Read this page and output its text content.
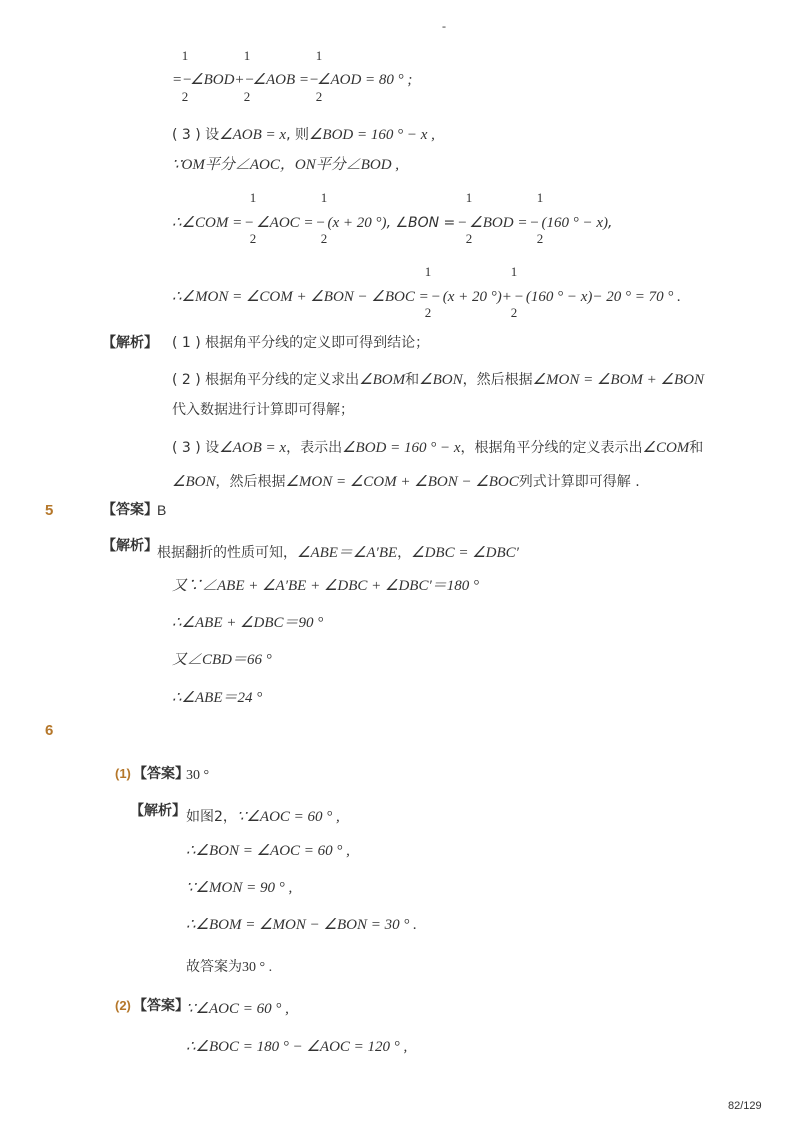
-
1
2
1
2
1
2
= −
∠BOD+ −
∠AOB = −
∠AOD = 80 ° ;
( 3 ) 设 ∠AOB = x , 则 ∠BOD = 160 ° − x ,
∵OM平分∠AOC，ON平分∠BOD ,
1
2
1
2
1
2
1
2
∴∠COM = − ∠AOC = − (x + 20 °) , ∠BON = − ∠BOD = − (160 ° − x) ,
1
2
1
2
∴∠MON = ∠COM + ∠BON − ∠BOC = − (x + 20 °) + − (160 ° − x) − 20 ° = 70 ° .
【解析】 ( 1 ) 根据角平分线的定义即可得到结论；
( 2 ) 根据角平分线的定义求出 ∠BOM 和 ∠BON ，然后根据 ∠MON = ∠BOM + ∠BON
代入数据进行计算即可得解；
( 3 ) 设 ∠AOB = x ，表示出 ∠BOD = 160 ° − x ，根据角平分线的定义表示出 ∠COM 和
∠BON ，然后根据 ∠MON = ∠COM + ∠BON − ∠BOC 列式计算即可得解 .
5	【答案】 B
【解析】 根据翻折的性质可知， ∠ABE＝∠A′BE ， ∠DBC = ∠DBC′
又∵∠ABE + ∠A′BE + ∠DBC + ∠DBC′＝180 °
∴∠ABE + ∠DBC＝90 °
又∠CBD＝66 °
∴∠ABE＝24 °
6
(1) 【答案】
30 °
【解析】 如图2， ∵∠AOC = 60 ° ,
∴∠BON = ∠AOC = 60 ° ,
∵∠MON = 90 ° ,
∴∠BOM = ∠MON − ∠BON = 30 ° .
故答案为 30 ° .
(2) 【答案】
∵∠AOC = 60 ° ,
∴∠BOC = 180 ° − ∠AOC = 120 ° ,
82/129
